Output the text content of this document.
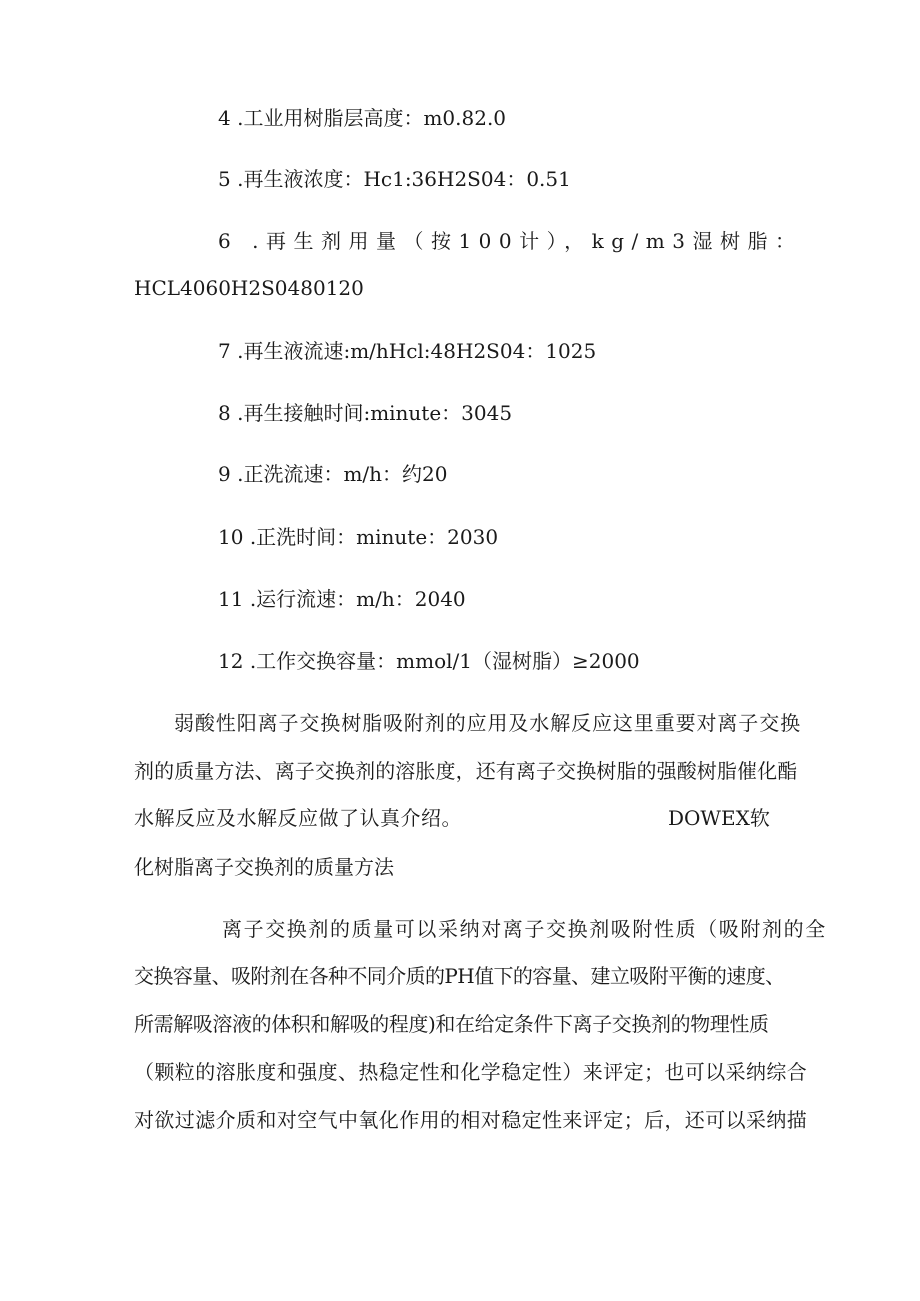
4 .工业用树脂层高度：m0.82.0
5 .再生液浓度：Hc1:36H2S04：0.51
6 .再生剂用量（按100计），kg/m3湿树脂：
HCL4060H2S0480120
7 .再生液流速:m/hHcl:48H2S04：1025
8 .再生接触时间:minute：3045
9 .正洗流速：m/h：约20
10 .正洗时间：minute：2030
11 .运行流速：m/h：2040
12 .工作交换容量：mmol/1（湿树脂）≥2000
弱酸性阳离子交换树脂吸附剂的应用及水解反应这里重要对离子交换
剂的质量方法、离子交换剂的溶胀度，还有离子交换树脂的强酸树脂催化酯
水解反应及水解反应做了认真介绍。	DOWEX软
化树脂离子交换剂的质量方法
离子交换剂的质量可以采纳对离子交换剂吸附性质（吸附剂的全
交换容量、吸附剂在各种不同介质的PH值下的容量、建立吸附平衡的速度、
所需解吸溶液的体积和解吸的程度)和在给定条件下离子交换剂的物理性质
（颗粒的溶胀度和强度、热稳定性和化学稳定性）来评定；也可以采纳综合
对欲过滤介质和对空气中氧化作用的相对稳定性来评定；后，还可以采纳描
